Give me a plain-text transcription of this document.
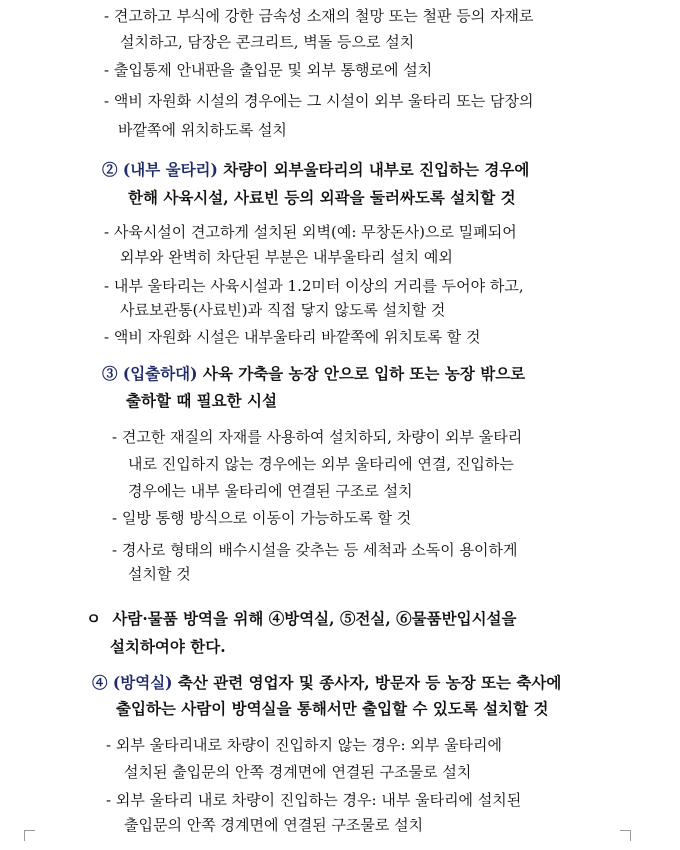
- 견고하고 부식에 강한 금속성 소재의 철망 또는 철판 등의 자재로
설치하고, 담장은 콘크리트, 벽돌 등으로 설치
- 출입통제 안내판을 출입문 및 외부 통행로에 설치
- 액비 자원화 시설의 경우에는 그 시설이 외부 울타리 또는 담장의
바깥쪽에 위치하도록 설치
② (내부 울타리) 차량이 외부울타리의 내부로 진입하는 경우에
한해 사육시설, 사료빈 등의 외곽을 둘러싸도록 설치할 것
- 사육시설이 견고하게 설치된 외벽(예: 무창돈사)으로 밀폐되어
외부와 완벽히 차단된 부분은 내부울타리 설치 예외
- 내부 울타리는 사육시설과 1.2미터 이상의 거리를 두어야 하고,
사료보관통(사료빈)과 직접 닿지 않도록 설치할 것
- 액비 자원화 시설은 내부울타리 바깥쪽에 위치토록 할 것
③ (입출하대) 사육 가축을 농장 안으로 입하 또는 농장 밖으로
출하할 때 필요한 시설
- 견고한 재질의 자재를 사용하여 설치하되, 차량이 외부 울타리
내로 진입하지 않는 경우에는 외부 울타리에 연결, 진입하는
경우에는 내부 울타리에 연결된 구조로 설치
- 일방 통행 방식으로 이동이 가능하도록 할 것
- 경사로 형태의 배수시설을 갖추는 등 세척과 소독이 용이하게
설치할 것
ㅇ 사람·물품 방역을 위해 ④방역실, ⑤전실, ⑥물품반입시설을
설치하여야 한다.
④ (방역실) 축산 관련 영업자 및 종사자, 방문자 등 농장 또는 축사에
출입하는 사람이 방역실을 통해서만 출입할 수 있도록 설치할 것
- 외부 울타리내로 차량이 진입하지 않는 경우: 외부 울타리에
설치된 출입문의 안쪽 경계면에 연결된 구조물로 설치
- 외부 울타리 내로 차량이 진입하는 경우: 내부 울타리에 설치된
출입문의 안쪽 경계면에 연결된 구조물로 설치
